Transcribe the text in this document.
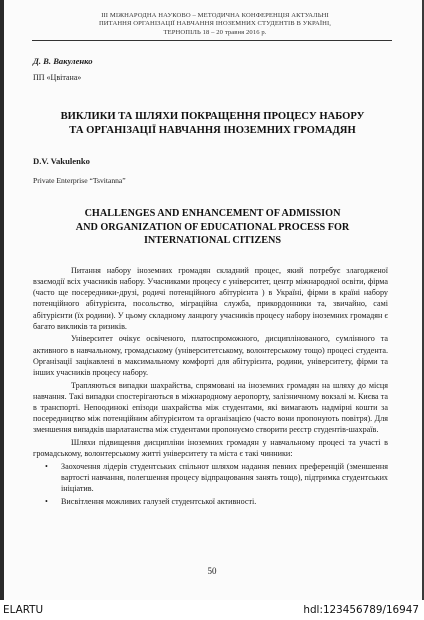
ІІІ МІЖНАРОДНА НАУКОВО – МЕТОДИЧНА КОНФЕРЕНЦІЯ АКТУАЛЬНІ
ПИТАННЯ ОРГАНІЗАЦІЇ НАВЧАННЯ ІНОЗЕМНИХ СТУДЕНТІВ В УКРАЇНІ,
ТЕРНОПІЛЬ 18 – 20 травня 2016 р.
Д. В. Вакуленко
ПП «Цвітана»
ВИКЛИКИ ТА ШЛЯХИ ПОКРАЩЕННЯ ПРОЦЕСУ НАБОРУ
ТА ОРГАНІЗАЦІЇ НАВЧАННЯ ІНОЗЕМНИХ ГРОМАДЯН
D.V. Vakulenko
Private Enterprise “Tsvitanna”
CHALLENGES AND ENHANCEMENT OF ADMISSION
AND ORGANIZATION OF EDUCATIONAL PROCESS FOR
INTERNATIONAL CITIZENS

Питання набору іноземних громадян складний процес, який потребує злагодженої взаємодії всіх учасників набору. Учасниками процесу є університет, центр міжнародної освіти, фірма (часто ще посередники-друзі, родичі потенційного абітурієнта ) в Україні, фірми в країні набору потенційного абітурієнта, посольство, міграційна служба, прикордонники та, звичайно, самі абітурієнти (їх родини). У цьому складному ланцюгу учасників процесу набору іноземних громадян є багато викликів та ризиків.

Університет очікує освіченого, платоспроможного, дисциплінованого, сумлінного та активного в навчальному, громадському (університетському, волонтерському тощо) процесі студента. Організації зацікавлені в максимальному комфорті для абітурієнта, родини, університету, фірми та інших учасників процесу набору.

Трапляються випадки шахрайства, спрямовані на іноземних громадян на шляху до місця навчання. Такі випадки спостерігаються в міжнародному аеропорту, залізничному вокзалі м. Києва та в транспорті. Непоодинокі епізоди шахрайства між студентами, які вимагають надмірні кошти за посередництво між потенційним абітурієнтом та організацією (часто вони пропонують повітря). Для зменшення випадків шарлатанства між студентами пропонуємо створити реєстр студентів-шахраїв.

Шляхи підвищення дисципліни іноземних громадян у навчальному процесі та участі в громадському, волонтерському житті університету та міста є такі чинники:

• Заохочення лідерів студентських спільнот шляхом надання певних преференцій (зменшення вартості навчання, полегшення процесу відпрацювання занять тощо), підтримка студентських ініціатив.
• Висвітлення можливих галузей студентської активності.
50
ELARTU	hdl:123456789/16947
